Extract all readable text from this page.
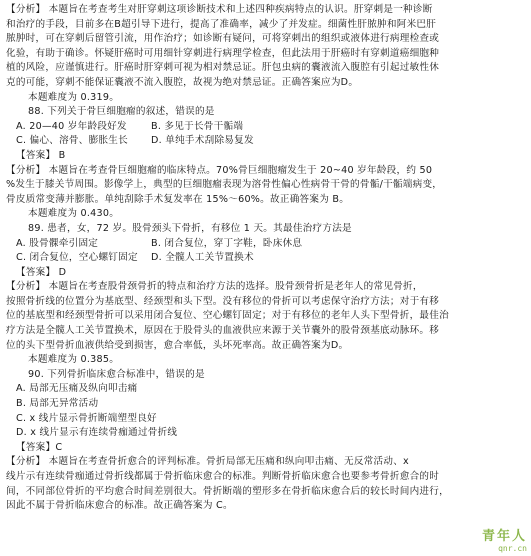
【分析】 本题旨在考查考生对肝穿刺这项诊断技术和上述四种疾病特点的认识。肝穿刺是一种诊断
和治疗的手段，目前多在B超引导下进行，提高了准确率，减少了并发症。细菌性肝脓肿和阿米巴肝
脓肿时，可在穿刺后留管引流，用作治疗；如诊断有疑问，可将穿刺出的组织或液体进行病理检查或
化验，有助于确诊。怀疑肝癌时可用细针穿刺进行病理学检查，但此法用于肝癌时有穿刺道癌细胞种
植的风险，应谨慎进行。肝癌时肝穿刺可视为相对禁忌证。肝包虫病的囊液流入腹腔有引起过敏性休
克的可能，穿刺不能保证囊液不流入腹腔，故视为绝对禁忌证。正确答案应为D。
本题难度为 0.319。
88. 下列关于骨巨细胞瘤的叙述，错误的是
A. 20—40 岁年龄段好发	B. 多见于长骨干骺端
C. 偏心、溶骨、膨胀生长	D. 单纯手术刮除易复发
【答案】 B
【分析】 本题旨在考查骨巨细胞瘤的临床特点。70%骨巨细胞瘤发生于 20~40 岁年龄段，约 50
%发生于膝关节周围。影像学上，典型的巨细胞瘤表现为溶骨性偏心性病骨干骨的骨骺/干骺端病变，
骨皮质常变薄并膨胀。单纯刮除手术复发率在 15%～60%。故正确答案为 B。
本题难度为 0.430。
89. 患者，女，72 岁。股骨颈头下骨折，有移位 1 天。其最佳治疗方法是
A. 股骨髁牵引固定	B. 闭合复位，穿丁字鞋，卧床休息
C. 闭合复位，空心螺钉固定	D. 全髋人工关节置换术
【答案】 D
【分析】 本题旨在考查股骨颈骨折的特点和治疗方法的选择。股骨颈骨折是老年人的常见骨折，
按照骨折线的位置分为基底型、经颈型和头下型。没有移位的骨折可以考虑保守治疗方法；对于有移
位的基底型和经颈型骨折可以采用闭合复位、空心螺钉固定；对于有移位的老年人头下型骨折，最佳治
疗方法是全髋人工关节置换术，原因在于股骨头的血液供应来源于关节囊外的股骨颈基底动脉环。移
位的头下型骨折血液供给受到损害，愈合率低，头坏死率高。故正确答案为D。
本题难度为 0.385。
90. 下列骨折临床愈合标准中，错误的是
A. 局部无压痛及纵向叩击痛
B. 局部无异常活动
C. x 线片显示骨折断端塑型良好
D. x 线片显示有连续骨痂通过骨折线
【答案】C
【分析】 本题旨在考查骨折愈合的评判标准。骨折局部无压痛和纵向叩击痛、无反常活动、x
线片示有连续骨痂通过骨折线都属于骨折临床愈合的标准。判断骨折临床愈合也要参考骨折愈合的时
间，不同部位骨折的平均愈合时间差别很大。骨折断端的塑形多在骨折临床愈合后的较长时间内进行，
因此不属于骨折临床愈合的标准。故正确答案为 C。
青年人
qnr.cn
